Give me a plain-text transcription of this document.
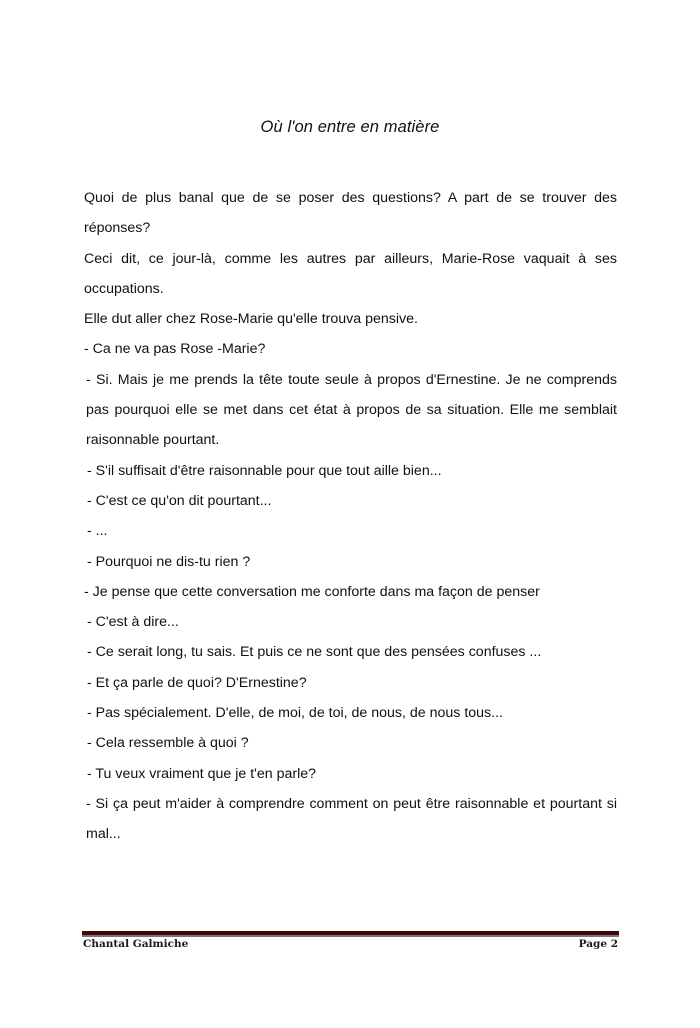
Où l'on entre en matière

Quoi de plus banal que de se poser des questions? A part de se trouver des réponses?

Ceci dit, ce jour-là, comme les autres par ailleurs, Marie-Rose vaquait à ses occupations.

Elle dut aller chez Rose-Marie qu'elle trouva pensive.

- Ca ne va pas Rose -Marie?

- Si. Mais je me prends la tête toute seule à propos d'Ernestine. Je ne comprends pas pourquoi elle se met dans cet état à propos de sa situation. Elle me semblait raisonnable pourtant.

- S'il suffisait d'être raisonnable pour que tout aille bien...

- C'est ce qu'on dit pourtant...

- ...

- Pourquoi ne dis-tu rien ?

- Je pense que cette conversation me conforte dans ma façon de penser

- C'est à dire...

- Ce serait long, tu sais. Et puis ce ne sont que des pensées confuses ...

- Et ça parle de quoi? D'Ernestine?

- Pas spécialement. D'elle, de moi, de toi, de nous, de nous tous...

- Cela ressemble à quoi ?

- Tu veux vraiment que je t'en parle?

- Si ça peut m'aider à comprendre comment on peut être raisonnable et pourtant si mal...

Chantal Galmiche	Page 2
